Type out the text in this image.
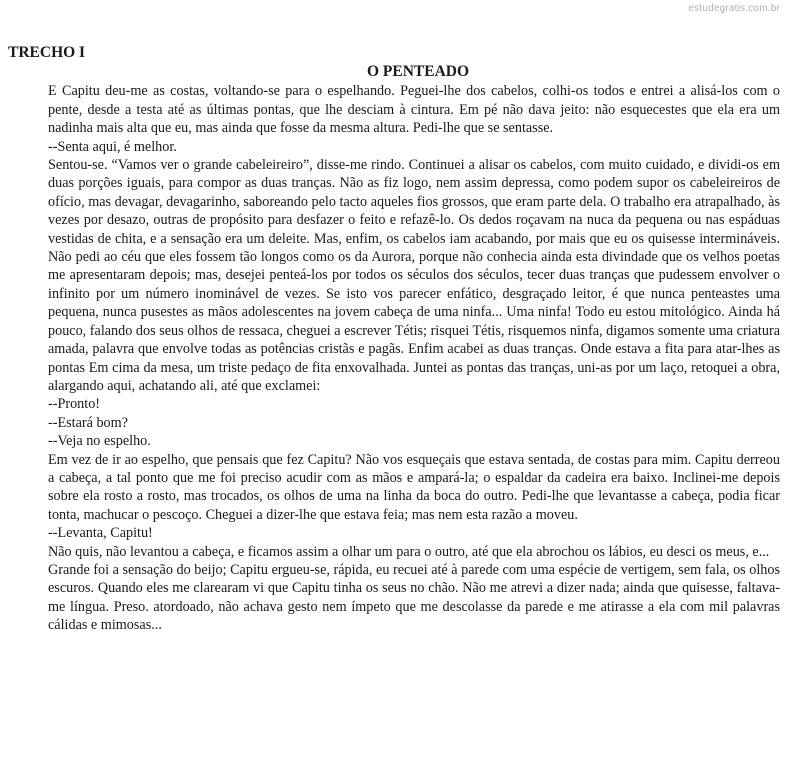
estudegratis.com.br
TRECHO I
O PENTEADO

E Capitu deu-me as costas, voltando-se para o espelhando. Peguei-lhe dos cabelos, colhi-os todos e entrei a alisá-los com o pente, desde a testa até as últimas pontas, que lhe desciam à cintura. Em pé não dava jeito: não esquecestes que ela era um nadinha mais alta que eu, mas ainda que fosse da mesma altura. Pedi-lhe que se sentasse.

--Senta aqui, é melhor.

Sentou-se. “Vamos ver o grande cabeleireiro”, disse-me rindo. Continuei a alisar os cabelos, com muito cuidado, e dividi-os em duas porções iguais, para compor as duas tranças. Não as fiz logo, nem assim depressa, como podem supor os cabeleireiros de ofício, mas devagar, devagarinho, saboreando pelo tacto aqueles fios grossos, que eram parte dela. O trabalho era atrapalhado, às vezes por desazo, outras de propósito para desfazer o feito e refazê-lo. Os dedos roçavam na nuca da pequena ou nas espáduas vestidas de chita, e a sensação era um deleite. Mas, enfim, os cabelos iam acabando, por mais que eu os quisesse intermináveis. Não pedi ao céu que eles fossem tão longos como os da Aurora, porque não conhecia ainda esta divindade que os velhos poetas me apresentaram depois; mas, desejei penteá-los por todos os séculos dos séculos, tecer duas tranças que pudessem envolver o infinito por um número inominável de vezes. Se isto vos parecer enfático, desgraçado leitor, é que nunca penteastes uma pequena, nunca pusestes as mãos adolescentes na jovem cabeça de uma ninfa... Uma ninfa! Todo eu estou mitológico. Ainda há pouco, falando dos seus olhos de ressaca, cheguei a escrever Tétis; risquei Tétis, risquemos ninfa, digamos somente uma criatura amada, palavra que envolve todas as potências cristãs e pagãs. Enfim acabei as duas tranças. Onde estava a fita para atar-lhes as pontas Em cima da mesa, um triste pedaço de fita enxovalhada. Juntei as pontas das tranças, uni-as por um laço, retoquei a obra, alargando aqui, achatando ali, até que exclamei:

--Pronto!

--Estará bom?

--Veja no espelho.

Em vez de ir ao espelho, que pensais que fez Capitu? Não vos esqueçais que estava sentada, de costas para mim. Capitu derreou a cabeça, a tal ponto que me foi preciso acudir com as mãos e ampará-la; o espaldar da cadeira era baixo. Inclinei-me depois sobre ela rosto a rosto, mas trocados, os olhos de uma na linha da boca do outro. Pedi-lhe que levantasse a cabeça, podia ficar tonta, machucar o pescoço. Cheguei a dizer-lhe que estava feia; mas nem esta razão a moveu.

--Levanta, Capitu!

Não quis, não levantou a cabeça, e ficamos assim a olhar um para o outro, até que ela abrochou os lábios, eu desci os meus, e...

Grande foi a sensação do beijo; Capitu ergueu-se, rápida, eu recuei até à parede com uma espécie de vertigem, sem fala, os olhos escuros. Quando eles me clarearam vi que Capitu tinha os seus no chão. Não me atrevi a dizer nada; ainda que quisesse, faltava-me língua. Preso. atordoado, não achava gesto nem ímpeto que me descolasse da parede e me atirasse a ela com mil palavras cálidas e mimosas...
